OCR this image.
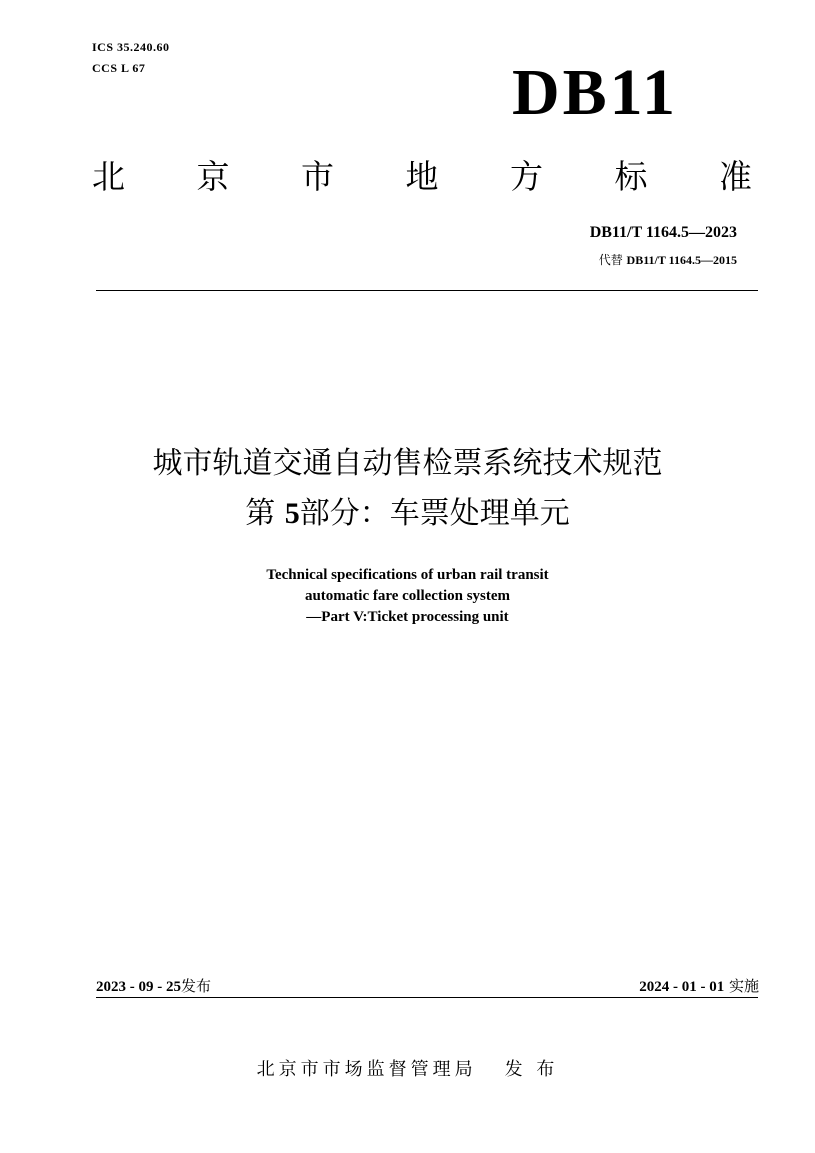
ICS 35.240.60
CCS L 67	DB11
北 京 市 地 方 标 准
DB11/T 1164.5—2023
代替 DB11/T 1164.5—2015
城市轨道交通自动售检票系统技术规范
第 5部分：车票处理单元
Technical specifications of urban rail transit
automatic fare collection system
—Part V:Ticket processing unit
2023 - 09 - 25发布	2024 - 01 - 01 实施
北京市市场监督管理局 发 布
